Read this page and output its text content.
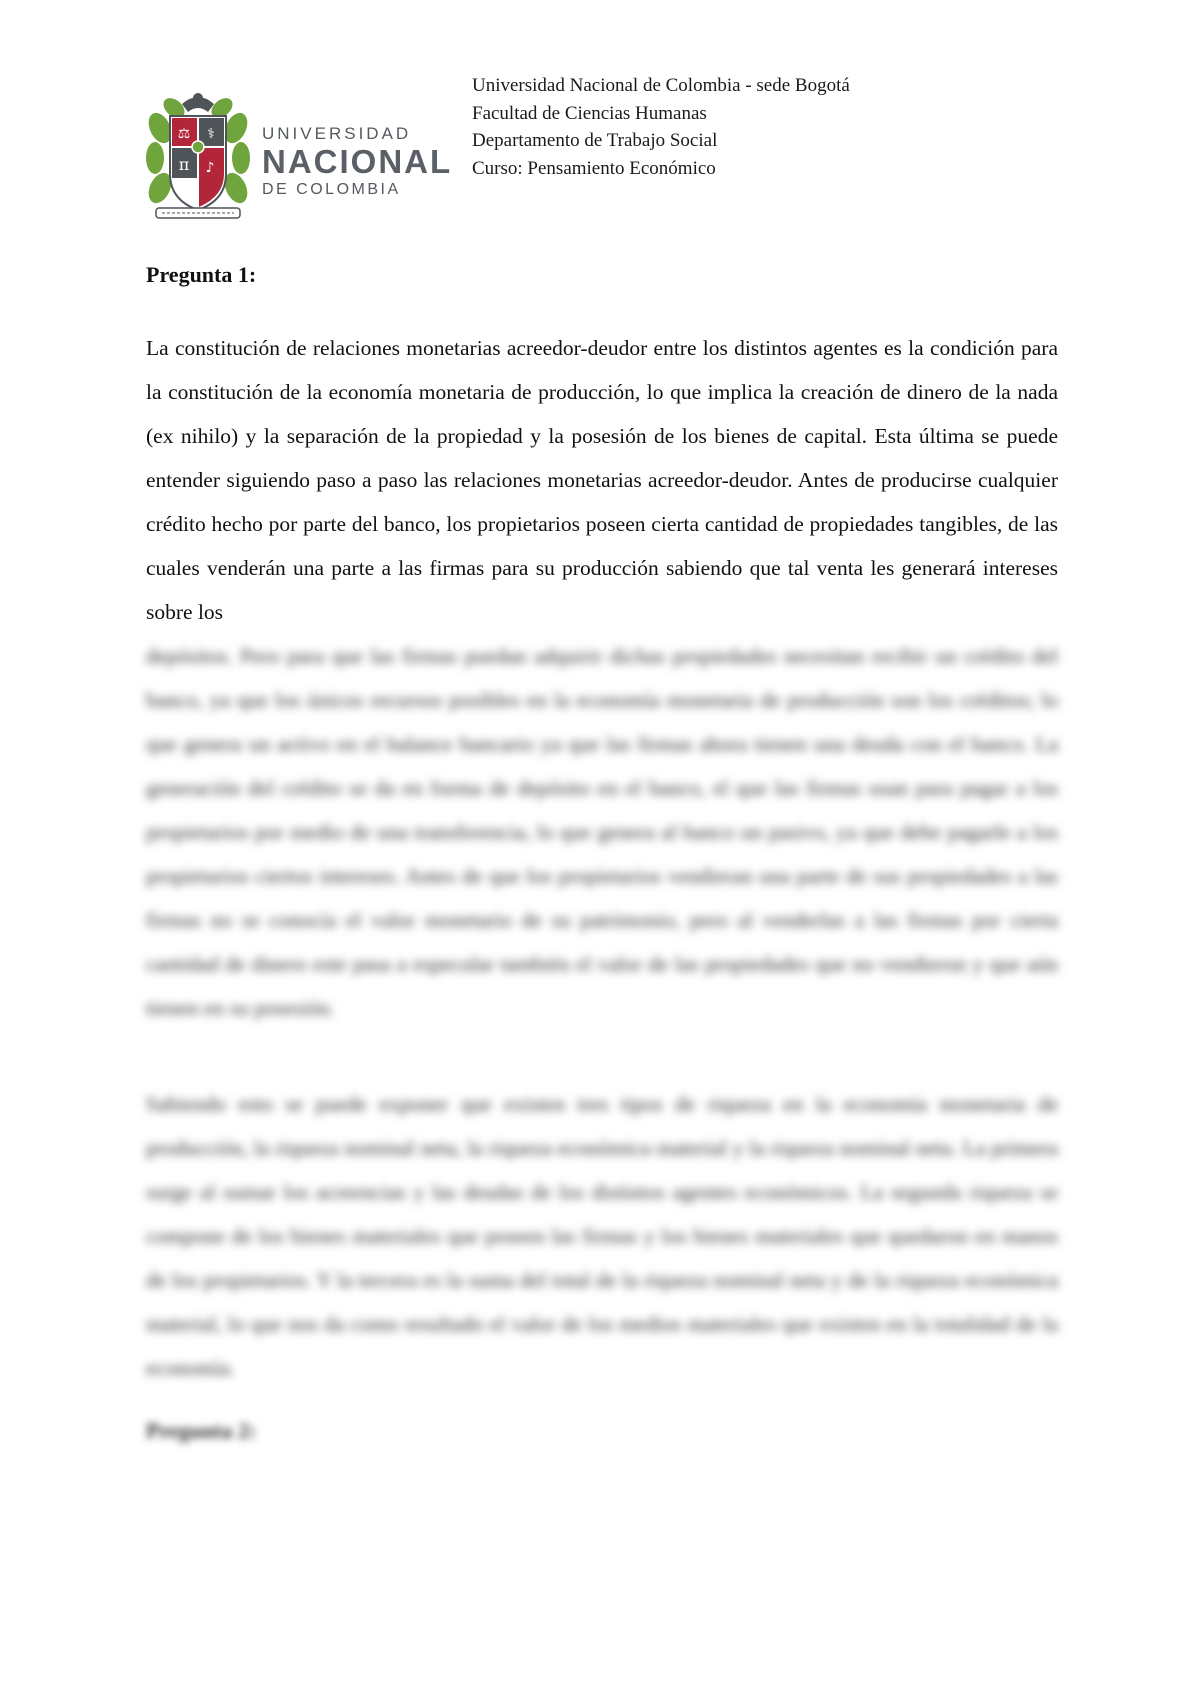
⚖ ⚕
π ♪
UNIVERSIDAD
NACIONAL
DE COLOMBIA
Universidad Nacional de Colombia - sede Bogotá
Facultad de Ciencias Humanas
Departamento de Trabajo Social
Curso: Pensamiento Económico
Pregunta 1:

La constitución de relaciones monetarias acreedor-deudor entre los distintos agentes es la condición para la constitución de la economía monetaria de producción, lo que implica la creación de dinero de la nada (ex nihilo) y la separación de la propiedad y la posesión de los bienes de capital. Esta última se puede entender siguiendo paso a paso las relaciones monetarias acreedor-deudor. Antes de producirse cualquier crédito hecho por parte del banco, los propietarios poseen cierta cantidad de propiedades tangibles, de las cuales venderán una parte a las firmas para su producción sabiendo que tal venta les generará intereses sobre los
depósitos. Pero para que las firmas puedan adquirir dichas propiedades necesitan recibir un crédito del banco, ya que los únicos recursos posibles en la economía monetaria de producción son los créditos; lo que genera un activo en el balance bancario ya que las firmas ahora tienen una deuda con el banco. La generación del crédito se da en forma de depósito en el banco, el que las firmas usan para pagar a los propietarios por medio de una transferencia, lo que genera al banco un pasivo, ya que debe pagarle a los propietarios ciertos intereses. Antes de que los propietarios vendieran una parte de sus propiedades a las firmas no se conocía el valor monetario de su patrimonio, pero al venderlas a las firmas por cierta cantidad de dinero este pasa a especular también el valor de las propiedades que no vendieron y que aún tienen en su posesión.

Sabiendo esto se puede exponer que existen tres tipos de riqueza en la economía monetaria de producción, la riqueza nominal neta, la riqueza económica material y la riqueza nominal neta. La primera surge al sumar los acreencias y las deudas de los distintos agentes económicos. La segunda riqueza se compone de los bienes materiales que poseen las firmas y los bienes materiales que quedaron en manos de los propietarios. Y la tercera es la suma del total de la riqueza nominal neta y de la riqueza económica material, lo que nos da como resultado el valor de los medios materiales que existen en la totalidad de la economía.

Pregunta 2:
